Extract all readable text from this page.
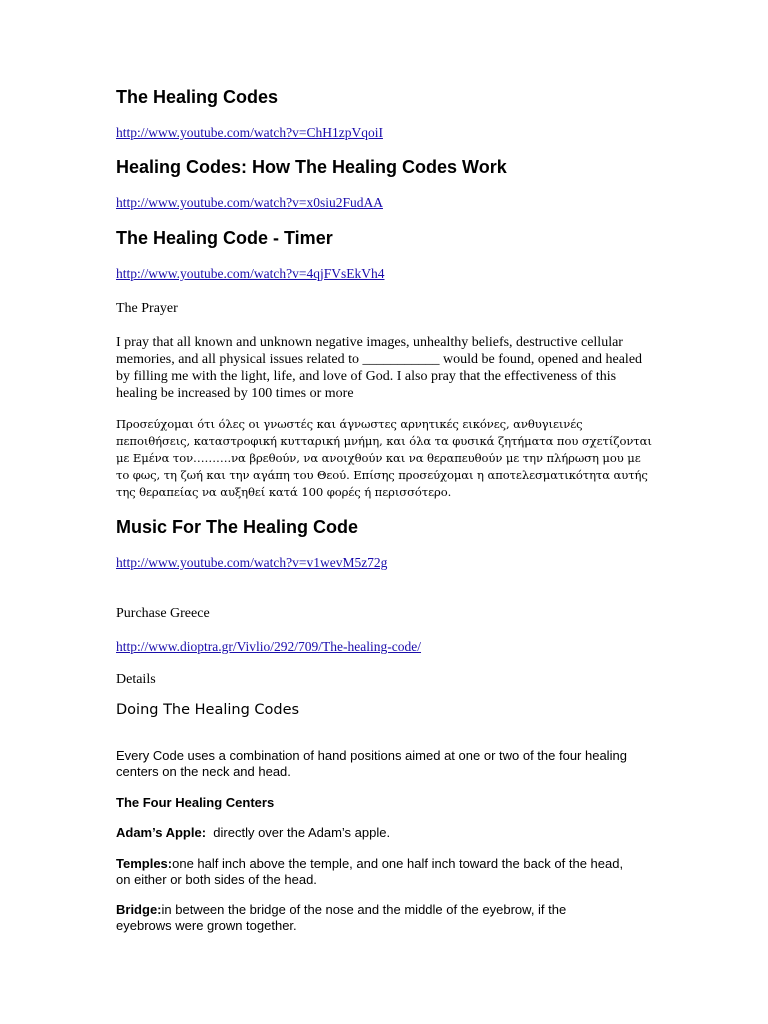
The Healing Codes
http://www.youtube.com/watch?v=ChH1zpVqoiI
Healing Codes: How The Healing Codes Work
http://www.youtube.com/watch?v=x0siu2FudAA
The Healing Code - Timer
http://www.youtube.com/watch?v=4qjFVsEkVh4

The Prayer

I pray that all known and unknown negative images, unhealthy beliefs, destructive cellular memories, and all physical issues related to ___________ would be found, opened and healed by filling me with the light, life, and love of God. I also pray that the effectiveness of this healing be increased by 100 times or more

Προσεύχομαι ότι όλες οι γνωστές και άγνωστες αρνητικές εικόνες, ανθυγιεινές πεποιθήσεις, καταστροφική κυτταρική μνήμη, και όλα τα φυσικά ζητήματα που σχετίζονται με Εμένα τον……….να βρεθούν, να ανοιχθούν και να θεραπευθούν με την πλήρωση μου με το φως, τη ζωή και την αγάπη του Θεού. Επίσης προσεύχομαι η αποτελεσματικότητα αυτής της θεραπείας να αυξηθεί κατά 100 φορές ή περισσότερο.

Music For The Healing Code
http://www.youtube.com/watch?v=v1wevM5z72g

Purchase Greece

http://www.dioptra.gr/Vivlio/292/709/The-healing-code/

Details

Doing The Healing Codes

Every Code uses a combination of hand positions aimed at one or two of the four healing centers on the neck and head.

The Four Healing Centers

Adam’s Apple:  directly over the Adam’s apple.

Temples:one half inch above the temple, and one half inch toward the back of the head, on either or both sides of the head.

Bridge:in between the bridge of the nose and the middle of the eyebrow, if the eyebrows were grown together.
